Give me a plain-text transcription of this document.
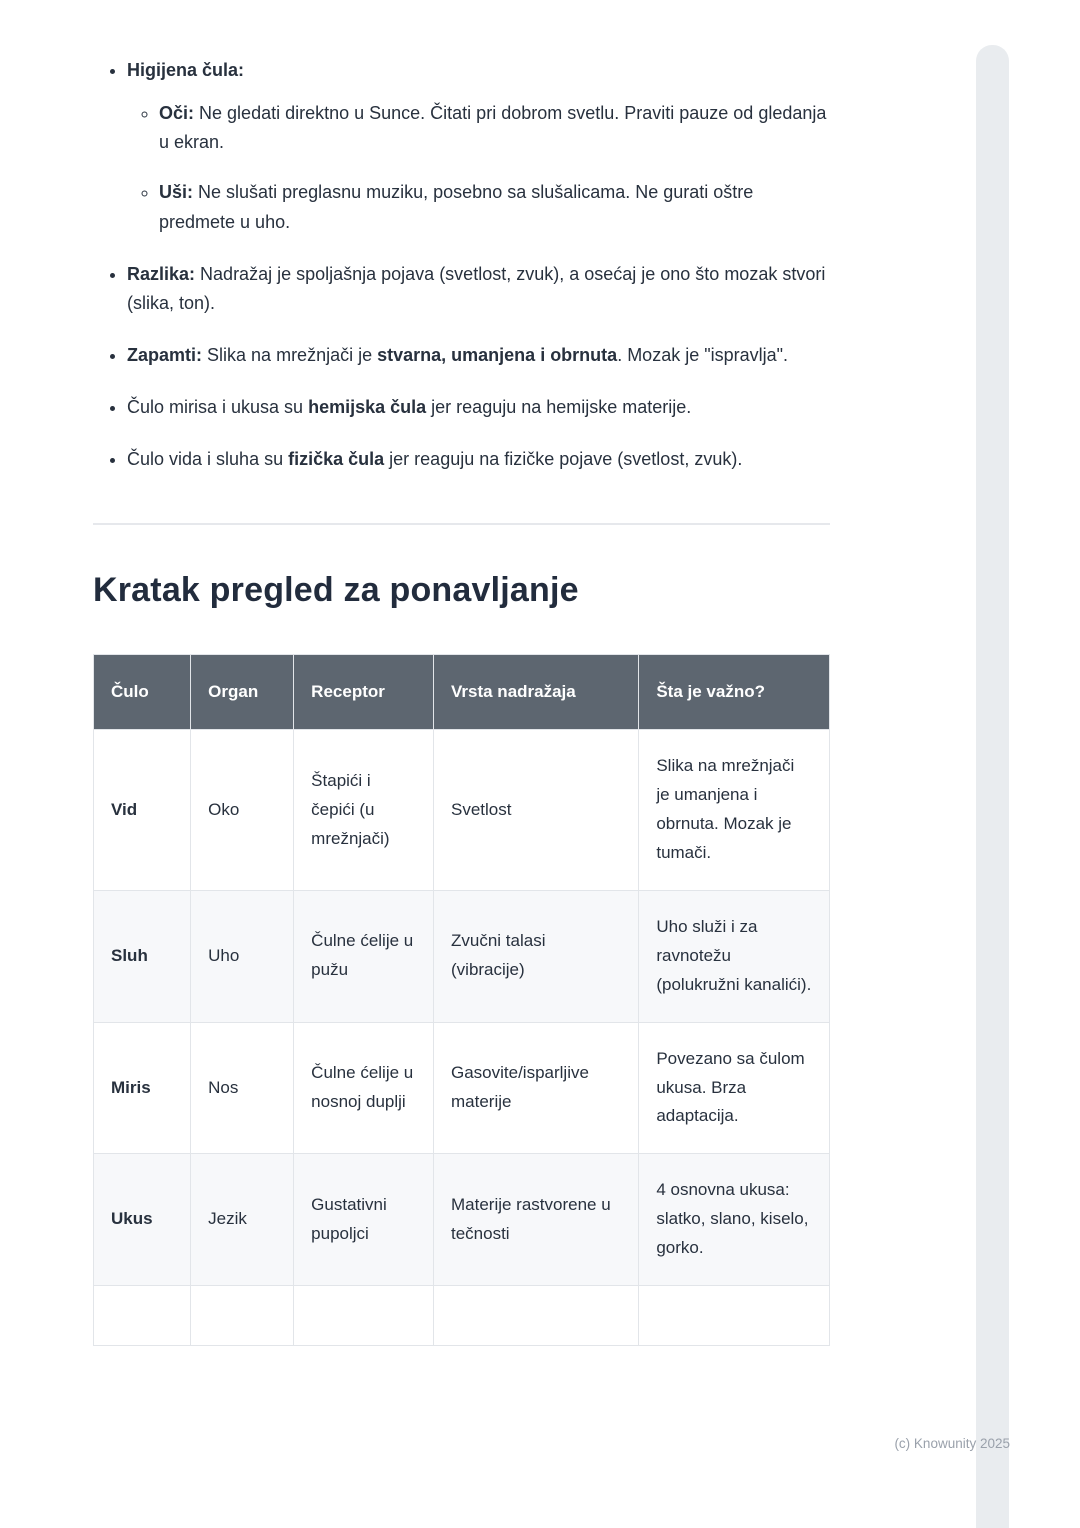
• Higijena čula:
◦ Oči: Ne gledati direktno u Sunce. Čitati pri dobrom svetlu. Praviti pauze od gledanja u ekran.
◦ Uši: Ne slušati preglasnu muziku, posebno sa slušalicama. Ne gurati oštre predmete u uho.
• Razlika: Nadražaj je spoljašnja pojava (svetlost, zvuk), a osećaj je ono što mozak stvori (slika, ton).
• Zapamti: Slika na mrežnjači je stvarna, umanjena i obrnuta. Mozak je "ispravlja".
• Čulo mirisa i ukusa su hemijska čula jer reaguju na hemijske materije.
• Čulo vida i sluha su fizička čula jer reaguju na fizičke pojave (svetlost, zvuk).
Kratak pregled za ponavljanje
Čulo	Organ	Receptor	Vrsta nadražaja	Šta je važno?
Vid	Oko	Štapići i čepići (u mrežnjači)	Svetlost	Slika na mrežnjači je umanjena i obrnuta. Mozak je tumači.
Sluh	Uho	Čulne ćelije u pužu	Zvučni talasi (vibracije)	Uho služi i za ravnotežu (polukružni kanalići).
Miris	Nos	Čulne ćelije u nosnoj duplji	Gasovite/isparljive materije	Povezano sa čulom ukusa. Brza adaptacija.
Ukus	Jezik	Gustativni pupoljci	Materije rastvorene u tečnosti	4 osnovna ukusa: slatko, slano, kiselo, gorko.

(c) Knowunity 2025
